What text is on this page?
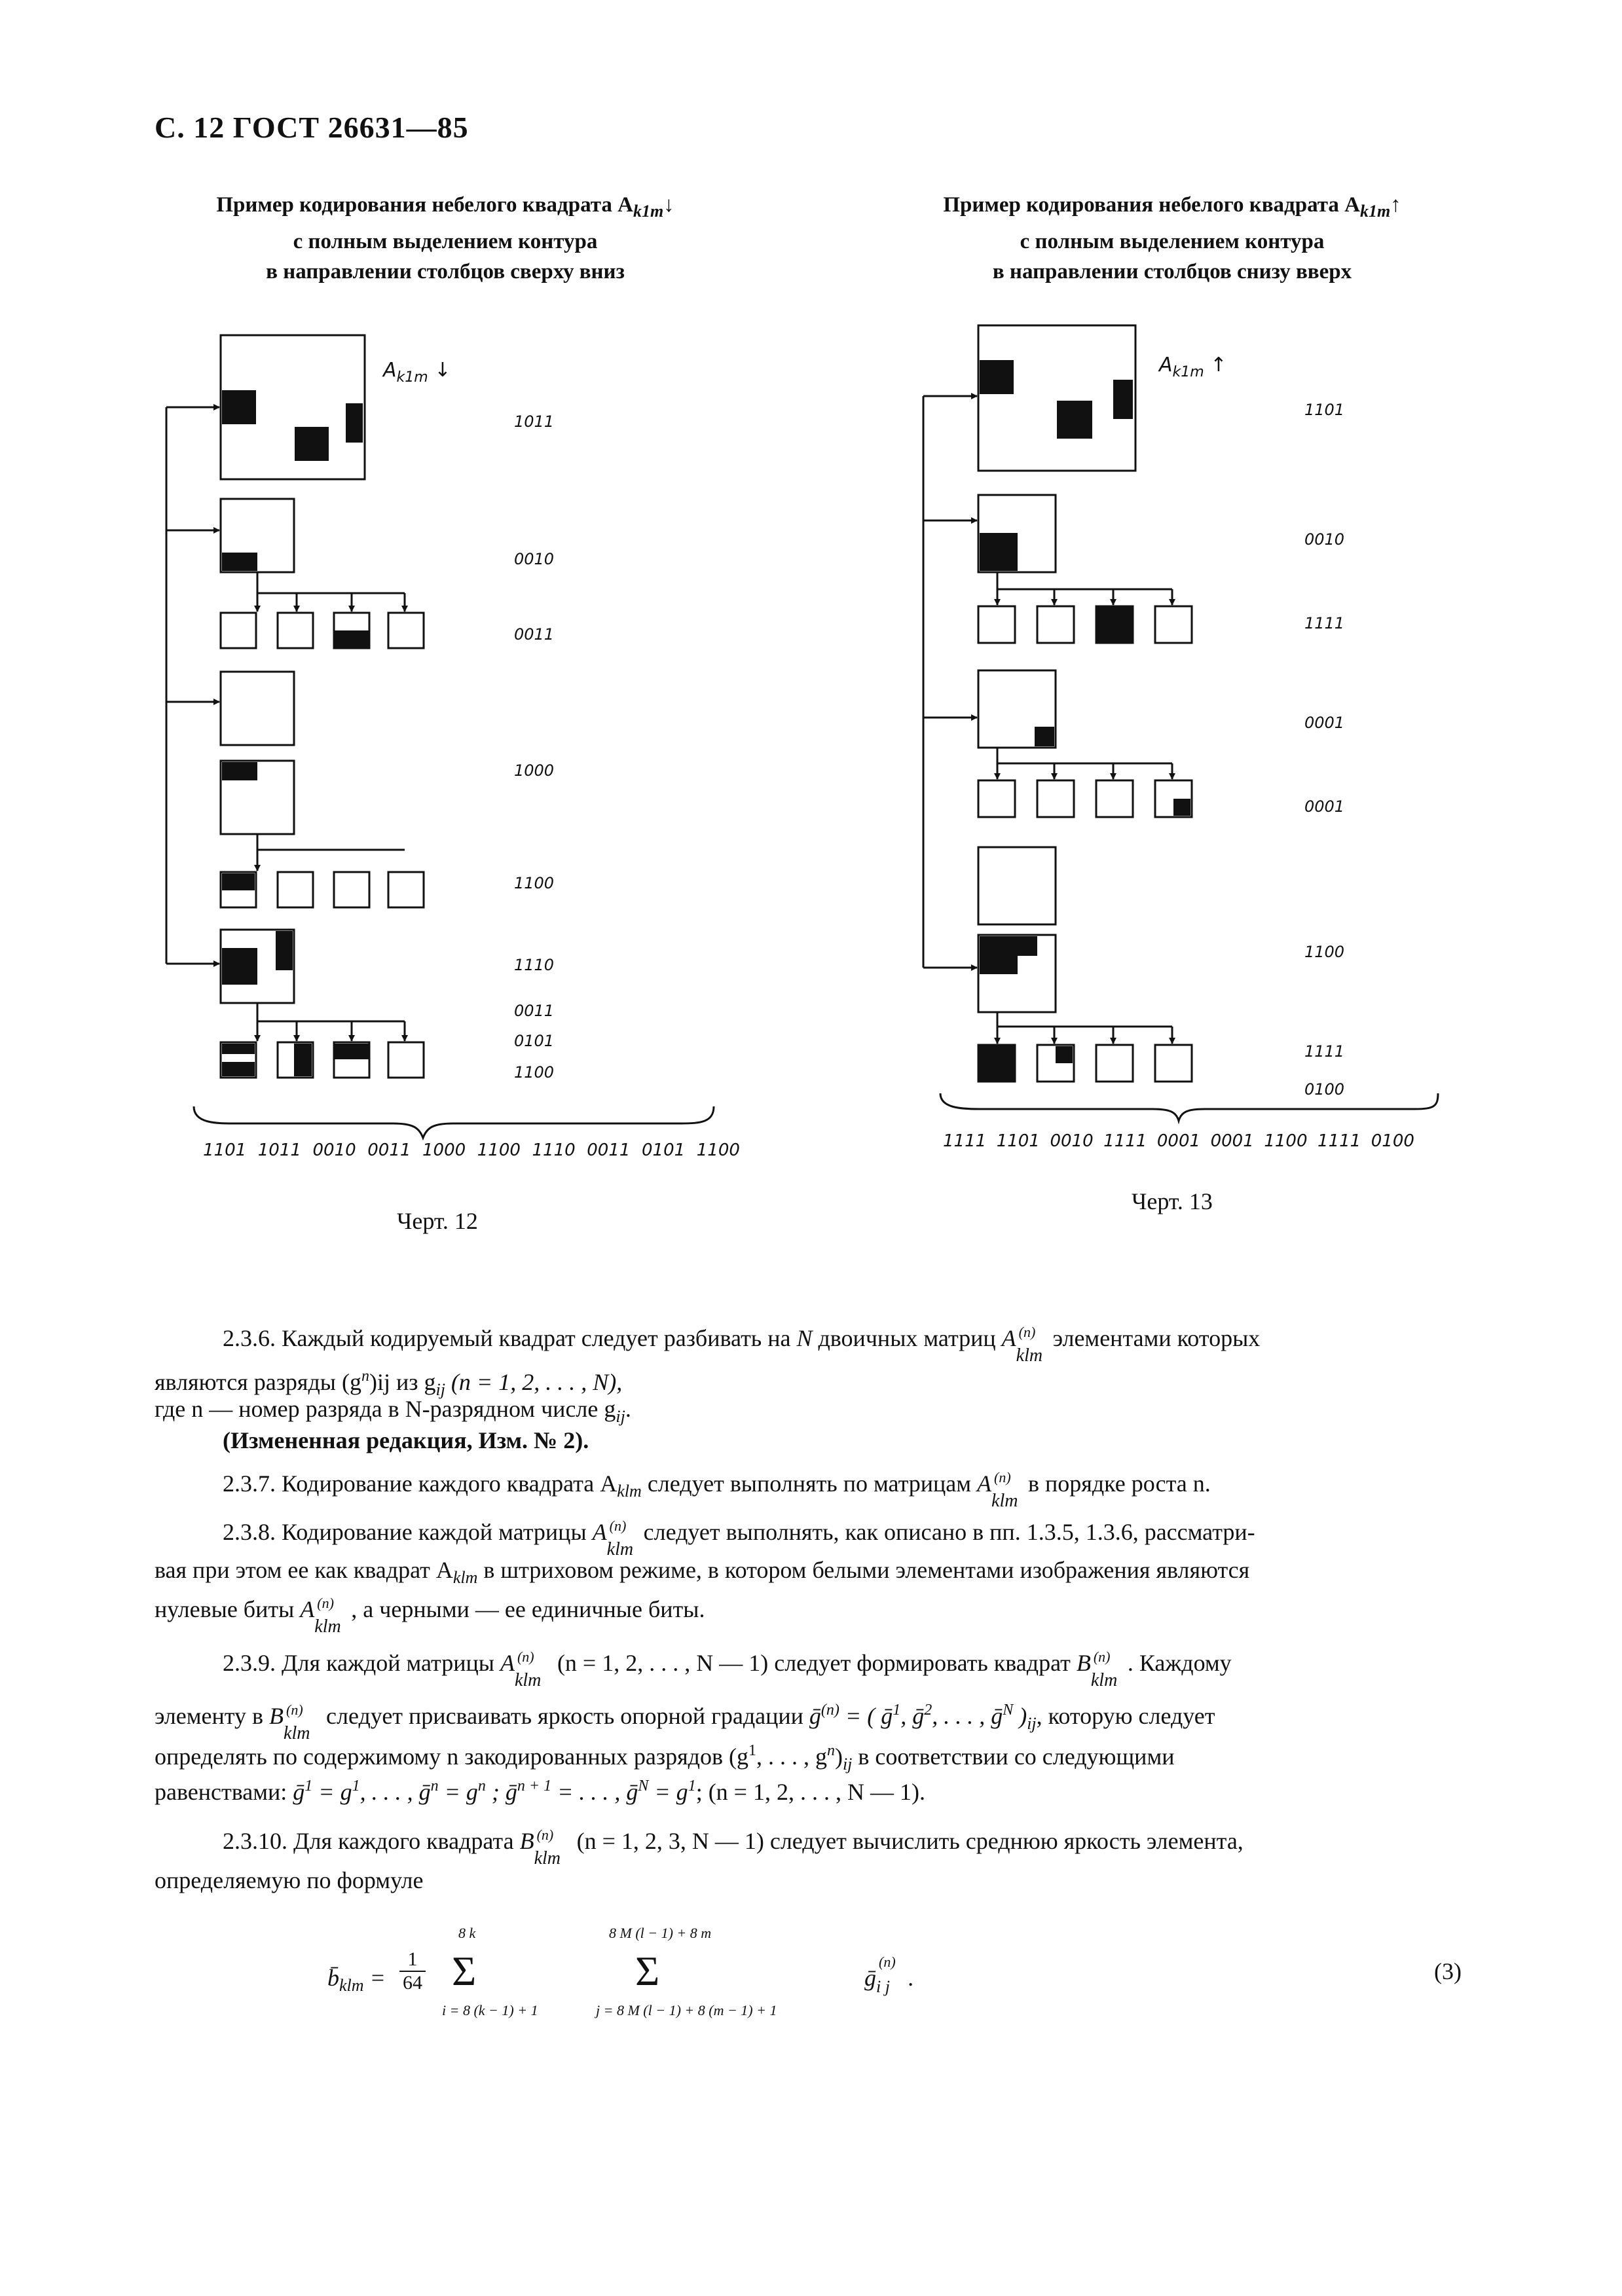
С. 12 ГОСТ 26631—85
Пример кодирования небелого квадрата $A_{k1m}↓$
с полным выделением контура
в направлении столбцов сверху вниз
Пример кодирования небелого квадрата $A_{k1m}↑$
с полным выделением контура
в направлении столбцов снизу вверх
$A_{k1m}$ ↓
1011
0010
0011
1000
1100
1110
0011
0101
1100
1101 1011 0010 0011 1000 1100 1110 0011 0101 1100
Черт. 12
$A_{k1m}$ ↑
1101
0010
1111
0001
0001
1100
1111
0100
1111 1101 0010 1111 0001 0001 1100 1111 0100
Черт. 13
2.3.6. Каждый кодируемый квадрат следует разбивать на N двоичных матриц A (n)
klm
элементами которых
являются разряды $(g^n)ij$ из $g_{ij}$ (n = 1, 2, . . . , N),
где n — номер разряда в N-разрядном числе $g_{ij}$.
(Измененная редакция, Изм. № 2).
2.3.7. Кодирование каждого квадрата $A_{klm}$ следует выполнять по матрицам A (n)
klm
в порядке роста n.
2.3.8. Кодирование каждой матрицы A (n)
klm
следует выполнять, как описано в пп. 1.3.5, 1.3.6, рассматри-
вая при этом ее как квадрат $A_{klm}$ в штриховом режиме, в котором белыми элементами изображения являются
нулевые биты A (n)
klm
, а черными — ее единичные биты.
2.3.9. Для каждой матрицы A (n)
klm
(n = 1, 2, . . . , N — 1) следует формировать квадрат B (n)
klm
. Каждому
элементу в B (n)
klm
следует присваивать яркость опорной градации ḡ$^{(n)}$ = ( ḡ$^1$, ḡ$^2$, . . . , ḡ$^N$ )$_{ij}$, которую следует
определять по содержимому n закодированных разрядов ($g^1$, . . . , $g^n)_{ij}$ в соответствии со следующими
равенствами: ḡ$^1$ = $g^1$, . . . , ḡ$^n$ = $g^n$ ; ḡ$^{n + 1}$ = . . . , ḡ$^N$ = $g^1$; (n = 1, 2, . . . , N — 1).
2.3.10. Для каждого квадрата B (n)
klm
(n = 1, 2, 3, N — 1) следует вычислить среднюю яркость элемента,
определяемую по формуле
$b̄_{klm}$ =
1
64
8 k
Σ
i = 8 (k − 1) + 1
8 M (l − 1) + 8 m
Σ
j = 8 M (l − 1) + 8 (m − 1) + 1
ḡ
(n)
i j .	(3)
